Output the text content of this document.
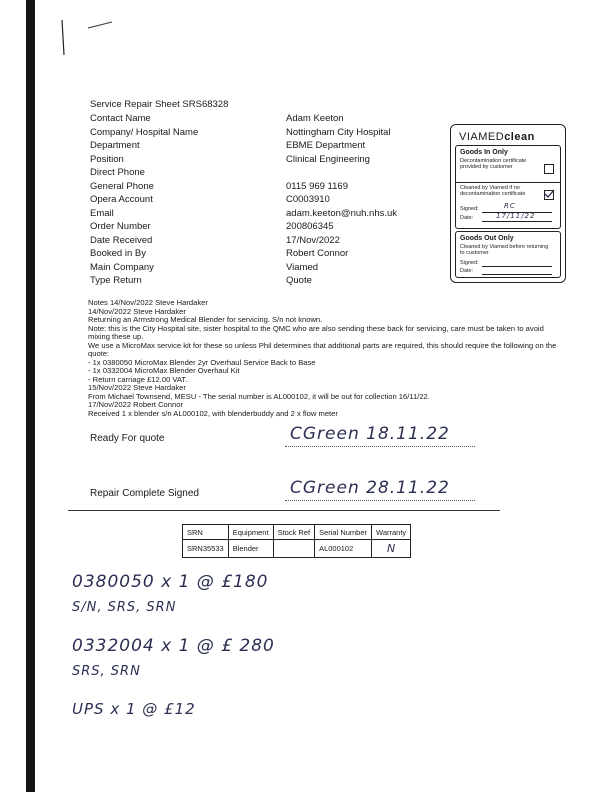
Service Repair Sheet SRS68328
Contact Name	Adam Keeton
Company/ Hospital Name	Nottingham City Hospital
Department	EBME Department
Position	Clinical Engineering
Direct Phone
General Phone	0115 969 1169
Opera Account	C0003910
Email	adam.keeton@nuh.nhs.uk
Order Number	200806345
Date Received	17/Nov/2022
Booked in By	Robert Connor
Main Company	Viamed
Type Return	Quote
VIAMEDclean
Goods In Only
Decontamination certificate provided by customer
Cleaned by Viamed if no decontamination certificate
Signed:	RC
Date:	17/11/22
Goods Out Only
Cleaned by Viamed before returning to customer
Signed:
Date:
Notes 14/Nov/2022 Steve Hardaker
14/Nov/2022 Steve Hardaker
Returning an Armstrong Medical Blender for servicing. S/n not known.
Note: this is the City Hospital site, sister hospital to the QMC who are also sending these back for servicing, care must be taken to avoid mixing these up.
We use a MicroMax service kit for these so unless Phil determines that additional parts are required, this should require the following on the quote:
- 1x 0380050 MicroMax Blender 2yr Overhaul Service Back to Base
- 1x 0332004 MicroMax Blender Overhaul Kit
- Return carriage £12.00 VAT.
15/Nov/2022 Steve Hardaker
From Michael Townsend, MESU - The serial number is AL000102, it will be out for collection 16/11/22.
17/Nov/2022 Robert Connor
Received 1 x blender s/n AL000102, with blenderbuddy and 2 x flow meter
Ready For quote	CGreen 18.11.22
Repair Complete Signed	CGreen 28.11.22
SRN	Equipment	Stock Ref	Serial Number	Warranty
SRN35533	Blender		AL000102	N
0380050 x 1 @ £180
S/N, SRS, SRN
0332004 x 1 @ £ 280
SRS, SRN
UPS x 1 @ £12
